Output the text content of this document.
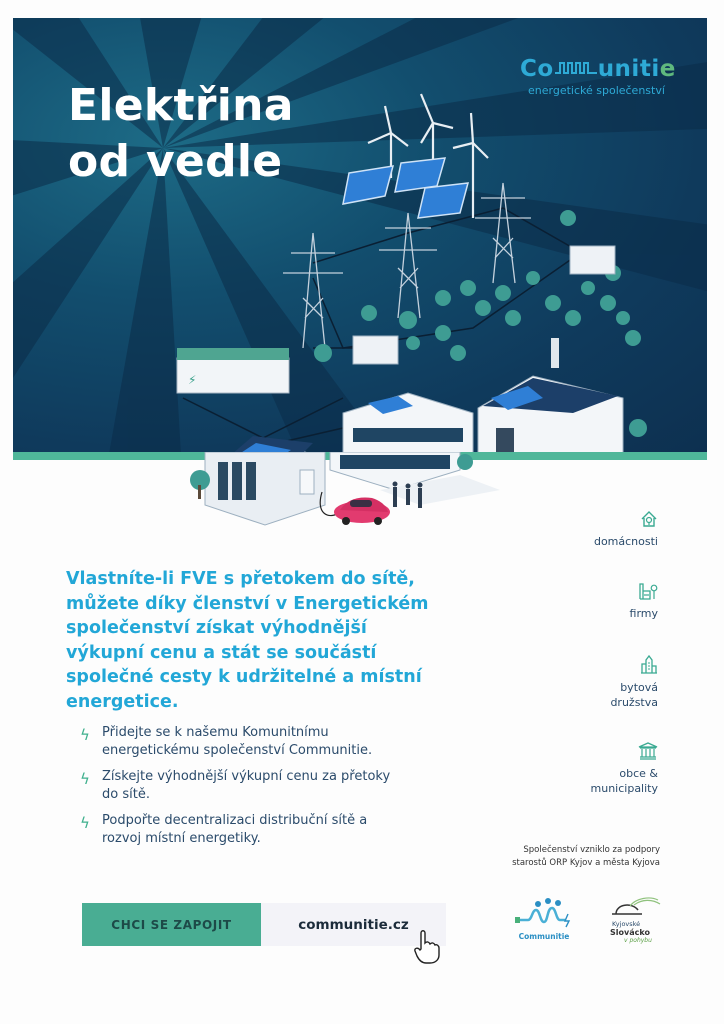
⚡
Elektřina
od vedle
Co uniti e
energetické společenství
Vlastníte-li FVE s přetokem do sítě, můžete díky členství v Energetickém společenství získat výhodnější výkupní cenu a stát se součástí společné cesty k udržitelné a místní energetice.
ϟ Přidejte se k našemu Komunitnímu energetickému společenství Communitie.
ϟ Získejte výhodnější výkupní cenu za přetoky do sítě.
ϟ Podpořte decentralizaci distribuční sítě a rozvoj místní energetiky.
domácnosti
firmy
bytová družstva
obce & municipality
Společenství vzniklo za podpory
starostů ORP Kyjov a města Kyjova
Communitie
Kyjovské
Slovácko
v pohybu
CHCI SE ZAPOJIT	communitie.cz
